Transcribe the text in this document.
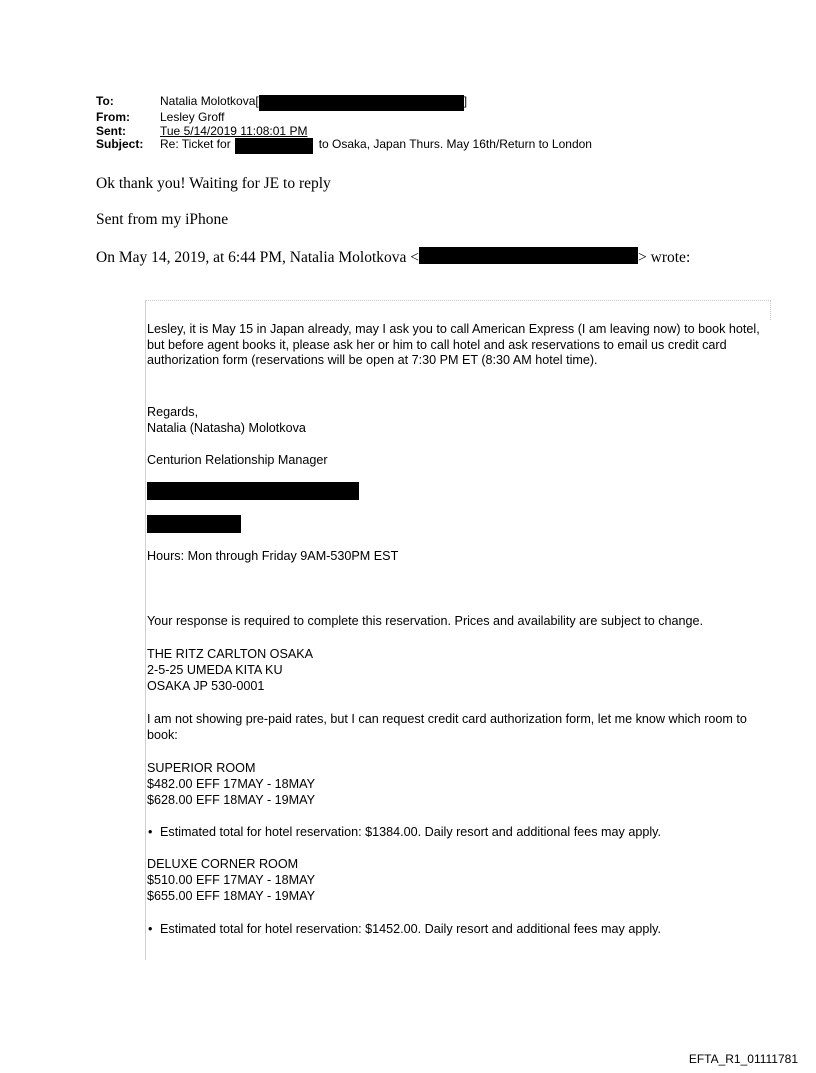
To:	Natalia Molotkova[	]
From:	Lesley Groff
Sent:	Tue 5/14/2019 11:08:01 PM
Subject:	Re: Ticket for	to Osaka, Japan Thurs. May 16th/Return to London
Ok thank you! Waiting for JE to reply
Sent from my iPhone
On May 14, 2019, at 6:44 PM, Natalia Molotkova <	> wrote:
Lesley, it is May 15 in Japan already, may I ask you to call American Express (I am leaving now) to book hotel, but before agent books it, please ask her or him to call hotel and ask reservations to email us credit card authorization form (reservations will be open at 7:30 PM ET (8:30 AM hotel time).
Regards,
Natalia (Natasha) Molotkova
Centurion Relationship Manager
Hours: Mon through Friday 9AM-530PM EST
Your response is required to complete this reservation. Prices and availability are subject to change.
THE RITZ CARLTON OSAKA
2-5-25 UMEDA KITA KU
OSAKA JP 530-0001
I am not showing pre-paid rates, but I can request credit card authorization form, let me know which room to book:
SUPERIOR ROOM
$482.00 EFF 17MAY - 18MAY
$628.00 EFF 18MAY - 19MAY
• Estimated total for hotel reservation: $1384.00. Daily resort and additional fees may apply.
DELUXE CORNER ROOM
$510.00 EFF 17MAY - 18MAY
$655.00 EFF 18MAY - 19MAY
• Estimated total for hotel reservation: $1452.00. Daily resort and additional fees may apply.
EFTA_R1_01111781
